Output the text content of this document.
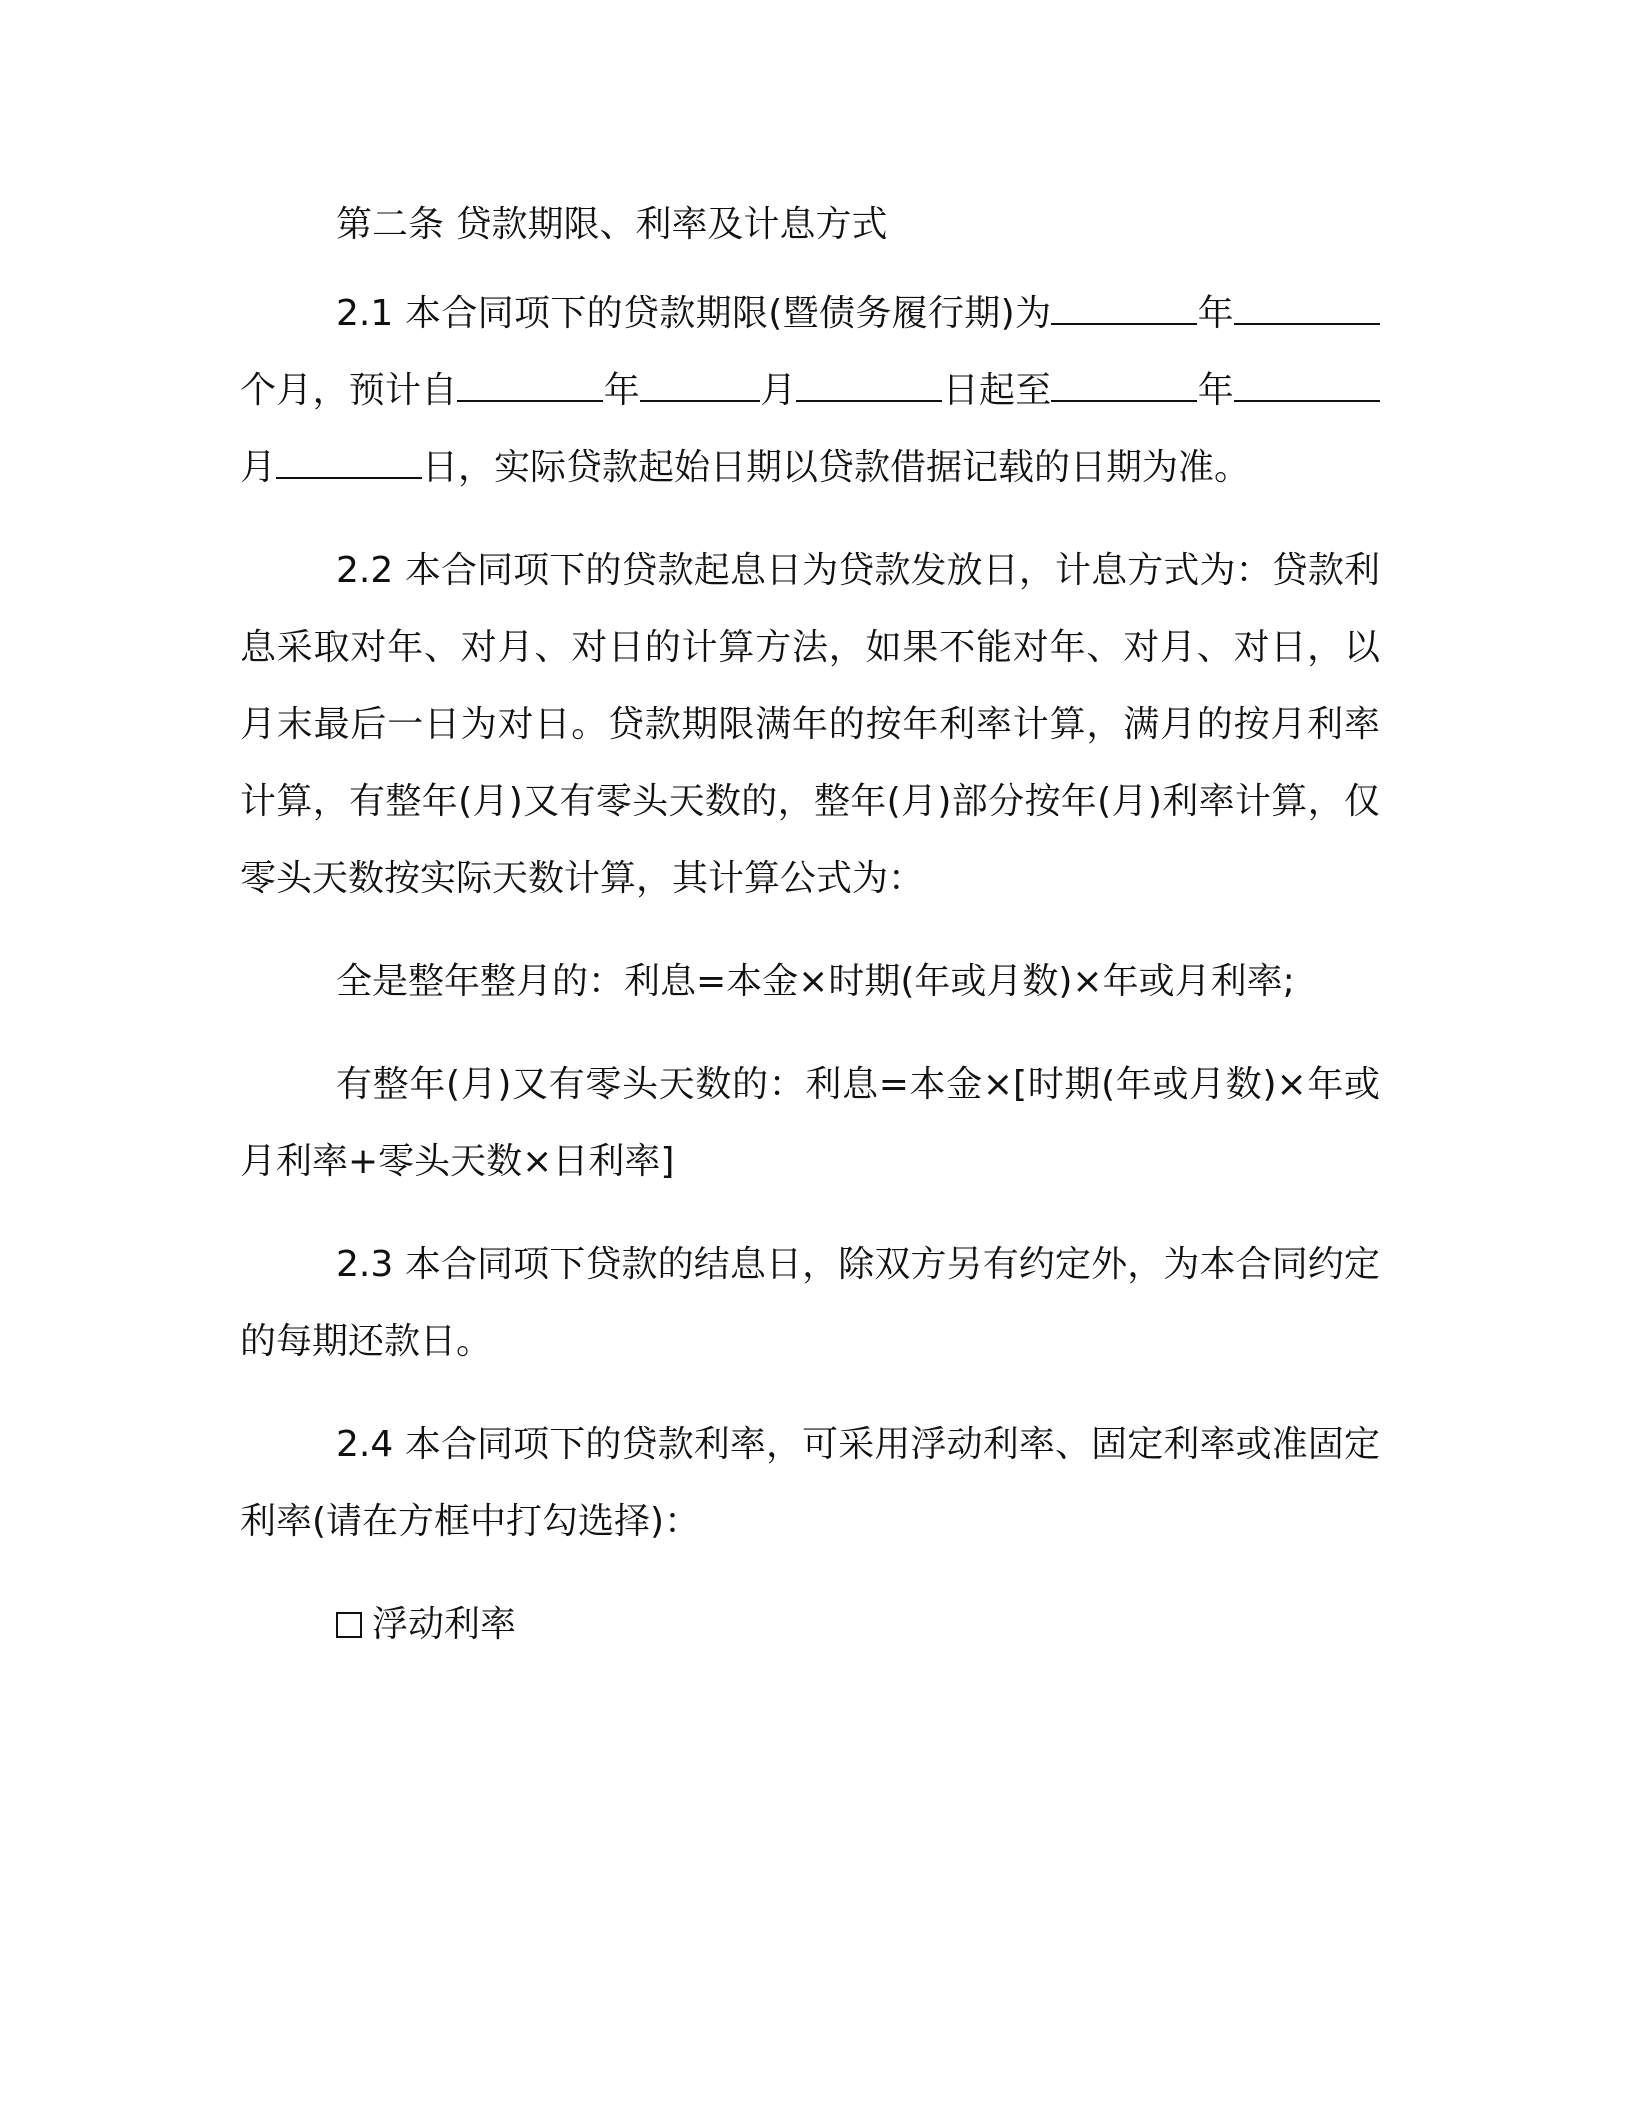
第二条 贷款期限、利率及计息方式

2.1 本合同项下的贷款期限(暨债务履行期)为	年个月，预计自	年	月	日起至	年月	日，实际贷款起始日期以贷款借据记载的日期为准。

2.2 本合同项下的贷款起息日为贷款发放日，计息方式为：贷款利息采取对年、对月、对日的计算方法，如果不能对年、对月、对日，以月末最后一日为对日。贷款期限满年的按年利率计算，满月的按月利率计算，有整年(月)又有零头天数的，整年(月)部分按年(月)利率计算，仅零头天数按实际天数计算，其计算公式为：

全是整年整月的：利息=本金×时期(年或月数)×年或月利率;

有整年(月)又有零头天数的：利息=本金×[时期(年或月数)×年或月利率+零头天数×日利率]

2.3 本合同项下贷款的结息日，除双方另有约定外，为本合同约定的每期还款日。

2.4 本合同项下的贷款利率，可采用浮动利率、固定利率或准固定利率(请在方框中打勾选择)：

浮动利率
